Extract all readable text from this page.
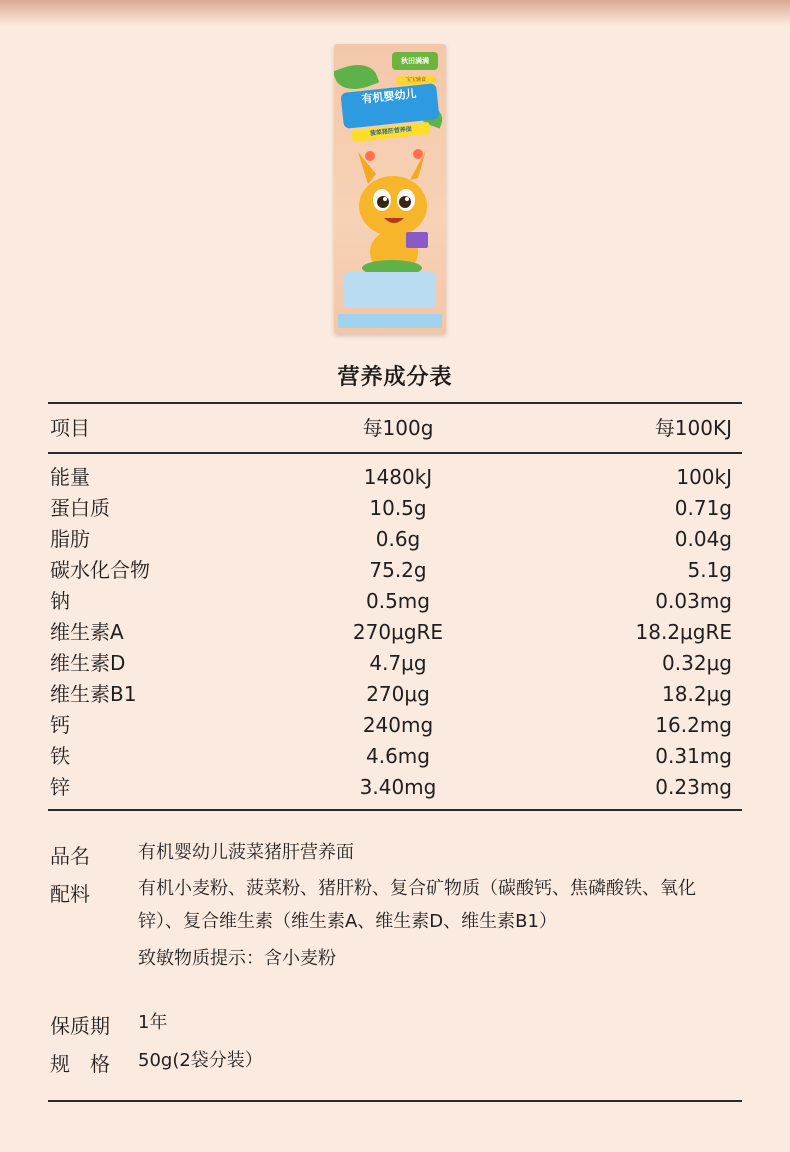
秋田满满
宝宝辅食
有机婴幼儿
菠菜猪肝营养面
营养成分表
项目	每100g	每100KJ
能量	1480kJ	100kJ
蛋白质	10.5g	0.71g
脂肪	0.6g	0.04g
碳水化合物	75.2g	5.1g
钠	0.5mg	0.03mg
维生素A	270μgRE	18.2μgRE
维生素D	4.7μg	0.32μg
维生素B1	270μg	18.2μg
钙	240mg	16.2mg
铁	4.6mg	0.31mg
锌	3.40mg	0.23mg
品名	有机婴幼儿菠菜猪肝营养面
配料	有机小麦粉、菠菜粉、猪肝粉、复合矿物质（碳酸钙、焦磷酸铁、氧化
锌）、复合维生素（维生素A、维生素D、维生素B1）
致敏物质提示：含小麦粉
保质期 1年
规　格 50g(2袋分装）
